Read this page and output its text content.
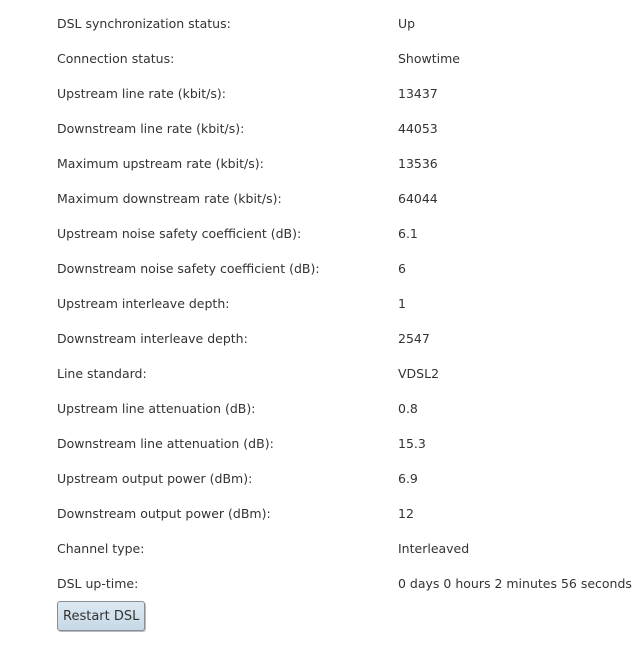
DSL synchronization status:	Up
Connection status:	Showtime
Upstream line rate (kbit/s):	13437
Downstream line rate (kbit/s):	44053
Maximum upstream rate (kbit/s):	13536
Maximum downstream rate (kbit/s):	64044
Upstream noise safety coefficient (dB):	6.1
Downstream noise safety coefficient (dB):	6
Upstream interleave depth:	1
Downstream interleave depth:	2547
Line standard:	VDSL2
Upstream line attenuation (dB):	0.8
Downstream line attenuation (dB):	15.3
Upstream output power (dBm):	6.9
Downstream output power (dBm):	12
Channel type:	Interleaved
DSL up-time:	0 days 0 hours 2 minutes 56 seconds
Restart DSL
